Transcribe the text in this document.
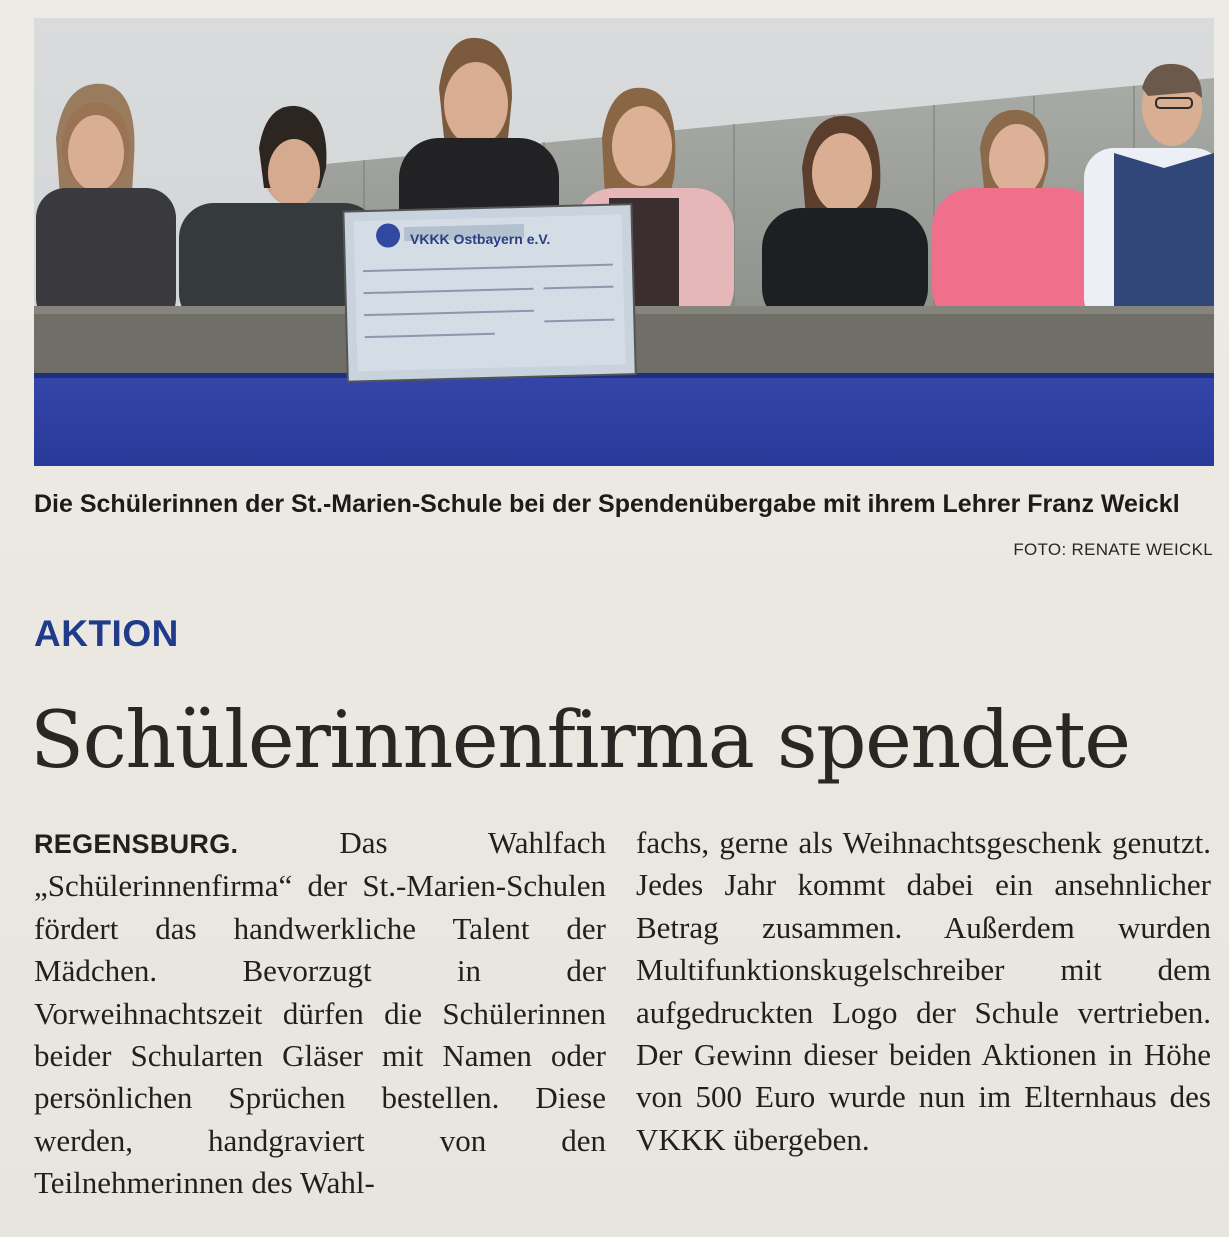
VKKK Ostbayern e.V.
Die Schülerinnen der St.-Marien-Schule bei der Spendenübergabe mit ihrem Lehrer Franz Weickl
FOTO: RENATE WEICKL
AKTION
Schülerinnenfirma spendete
REGENSBURG.	Das Wahlfach „Schülerinnenfirma“ der St.-Marien-Schulen fördert das handwerkliche Talent der Mädchen. Bevorzugt in der Vorweihnachtszeit dürfen die Schülerinnen beider Schularten Gläser mit Namen oder persönlichen Sprüchen bestellen. Diese werden, handgraviert von den Teilnehmerinnen des Wahl-
fachs, gerne als Weihnachtsgeschenk genutzt. Jedes Jahr kommt dabei ein ansehnlicher Betrag zusammen. Außerdem wurden Multifunktionskugelschreiber mit dem aufgedruckten Logo der Schule vertrieben. Der Gewinn dieser beiden Aktionen in Höhe von 500 Euro wurde nun im Elternhaus des VKKK übergeben.
